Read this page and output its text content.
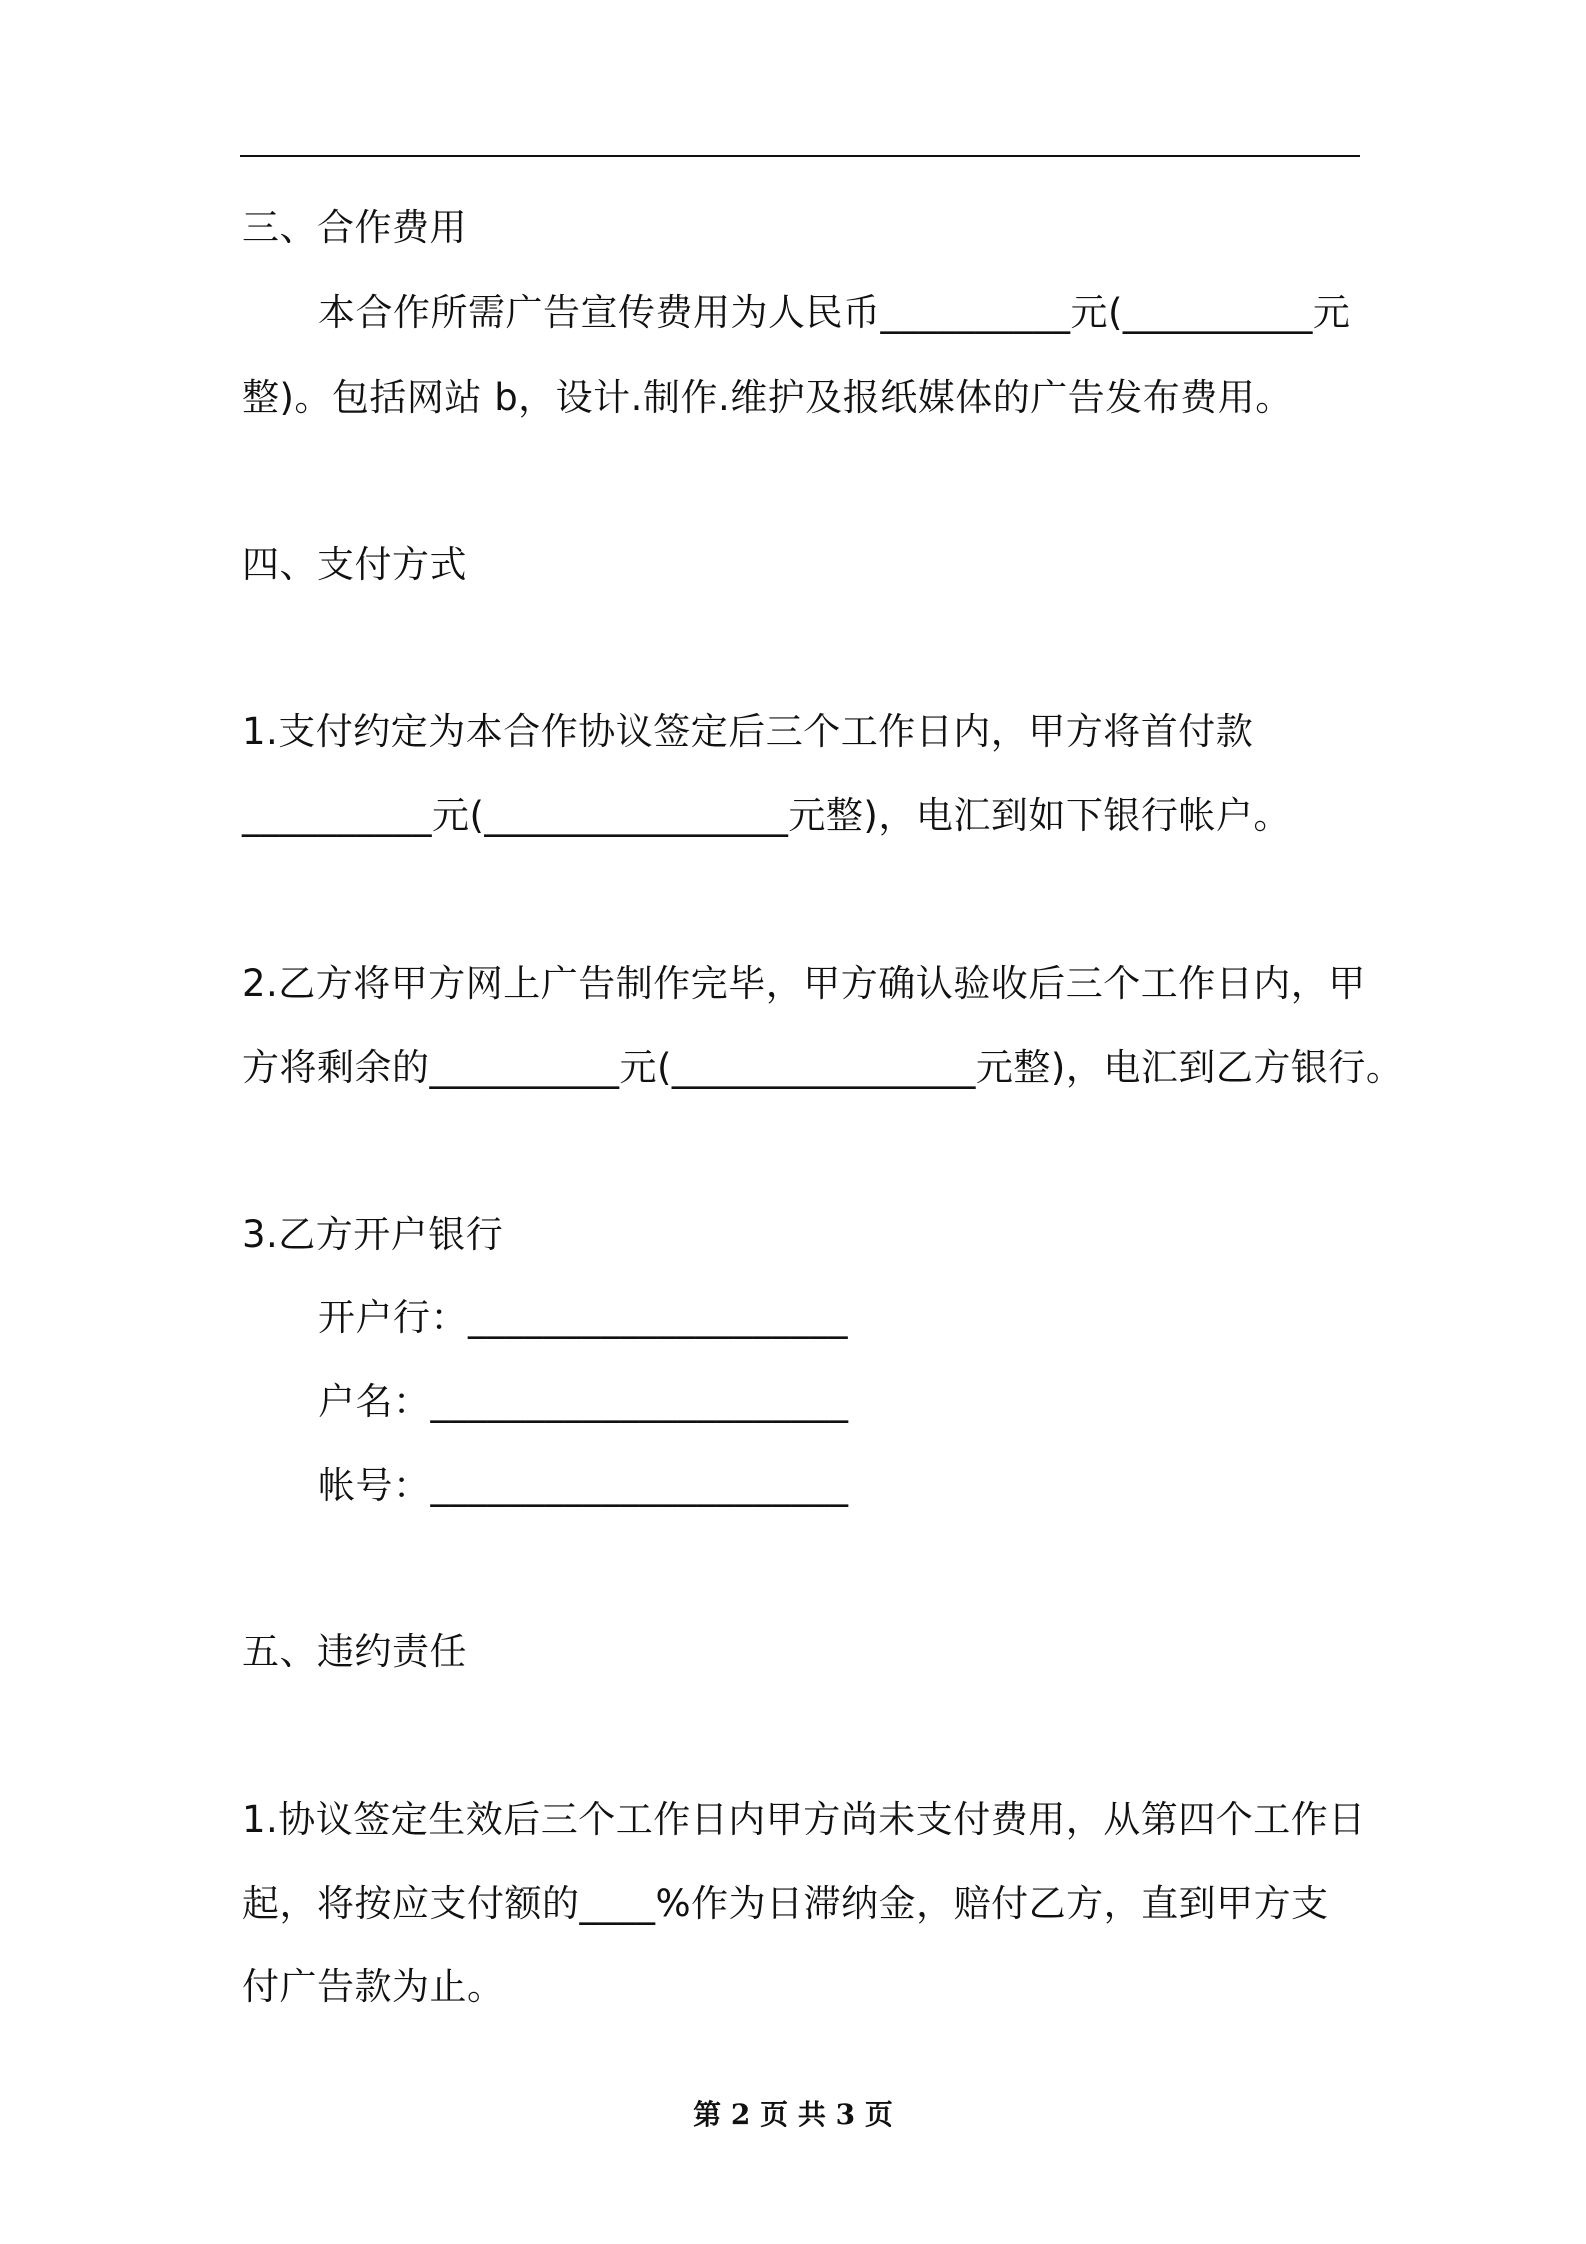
三、合作费用

本合作所需广告宣传费用为人民币__________元(__________元

整)。包括网站 b，设计.制作.维护及报纸媒体的广告发布费用。

四、支付方式

1.支付约定为本合作协议签定后三个工作日内，甲方将首付款

__________元(________________元整)，电汇到如下银行帐户。

2.乙方将甲方网上广告制作完毕，甲方确认验收后三个工作日内，甲

方将剩余的__________元(________________元整)，电汇到乙方银行。

3.乙方开户银行

开户行：____________________

户名：______________________

帐号：______________________

五、违约责任

1.协议签定生效后三个工作日内甲方尚未支付费用，从第四个工作日

起，将按应支付额的____%作为日滞纳金，赔付乙方，直到甲方支

付广告款为止。

第 2 页 共 3 页
